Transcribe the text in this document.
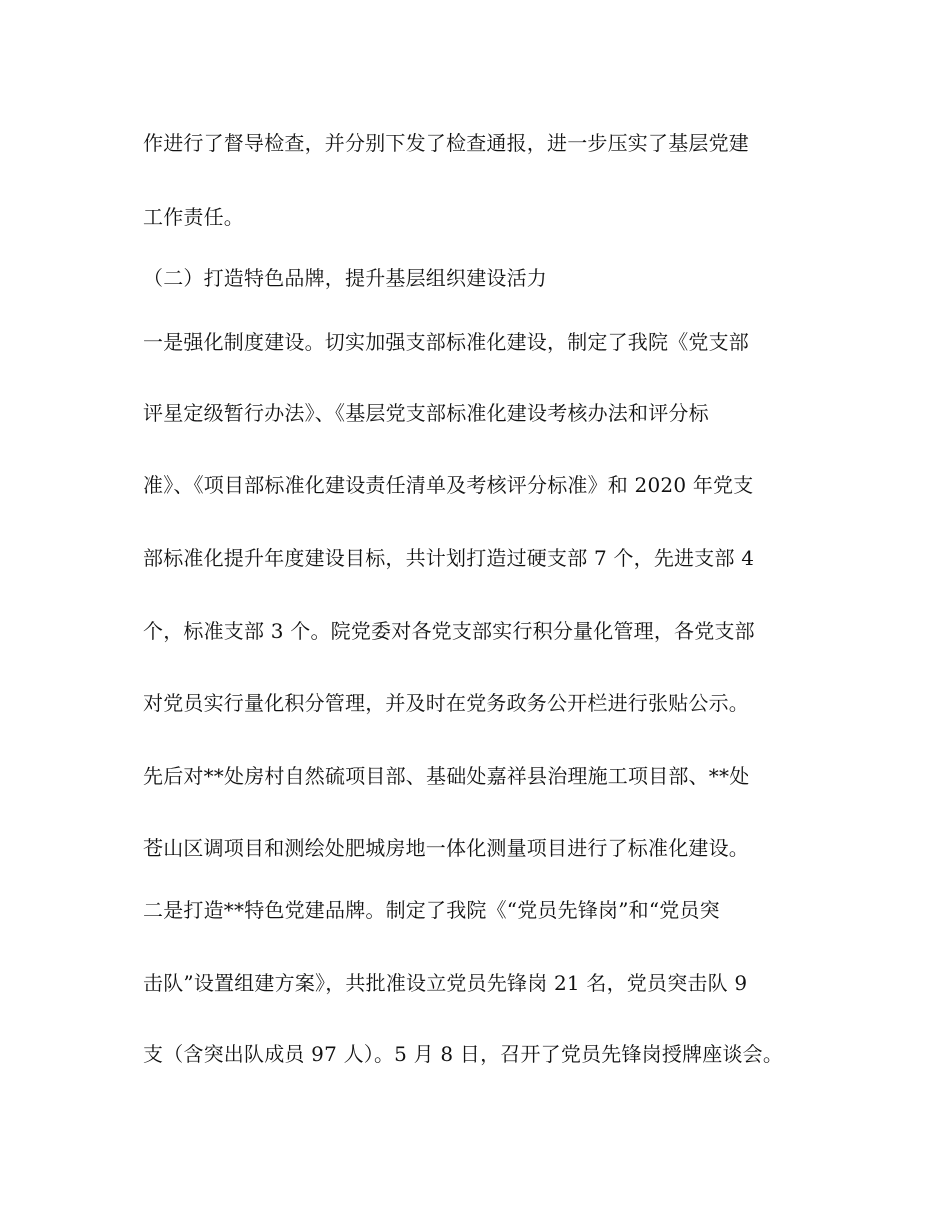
作进行了督导检查，并分别下发了检查通报，进一步压实了基层党建
工作责任。
（二）打造特色品牌，提升基层组织建设活力
一是强化制度建设。切实加强支部标准化建设，制定了我院《党支部
评星定级暂行办法》、《基层党支部标准化建设考核办法和评分标
准》、《项目部标准化建设责任清单及考核评分标准》和 2020 年党支
部标准化提升年度建设目标，共计划打造过硬支部 7 个，先进支部 4
个，标准支部 3 个。院党委对各党支部实行积分量化管理，各党支部
对党员实行量化积分管理，并及时在党务政务公开栏进行张贴公示。
先后对**处房村自然硫项目部、基础处嘉祥县治理施工项目部、**处
苍山区调项目和测绘处肥城房地一体化测量项目进行了标准化建设。
二是打造**特色党建品牌。制定了我院《“党员先锋岗”和“党员突
击队”设置组建方案》，共批准设立党员先锋岗 21 名，党员突击队 9
支（含突出队成员 97 人）。5 月 8 日，召开了党员先锋岗授牌座谈会。
